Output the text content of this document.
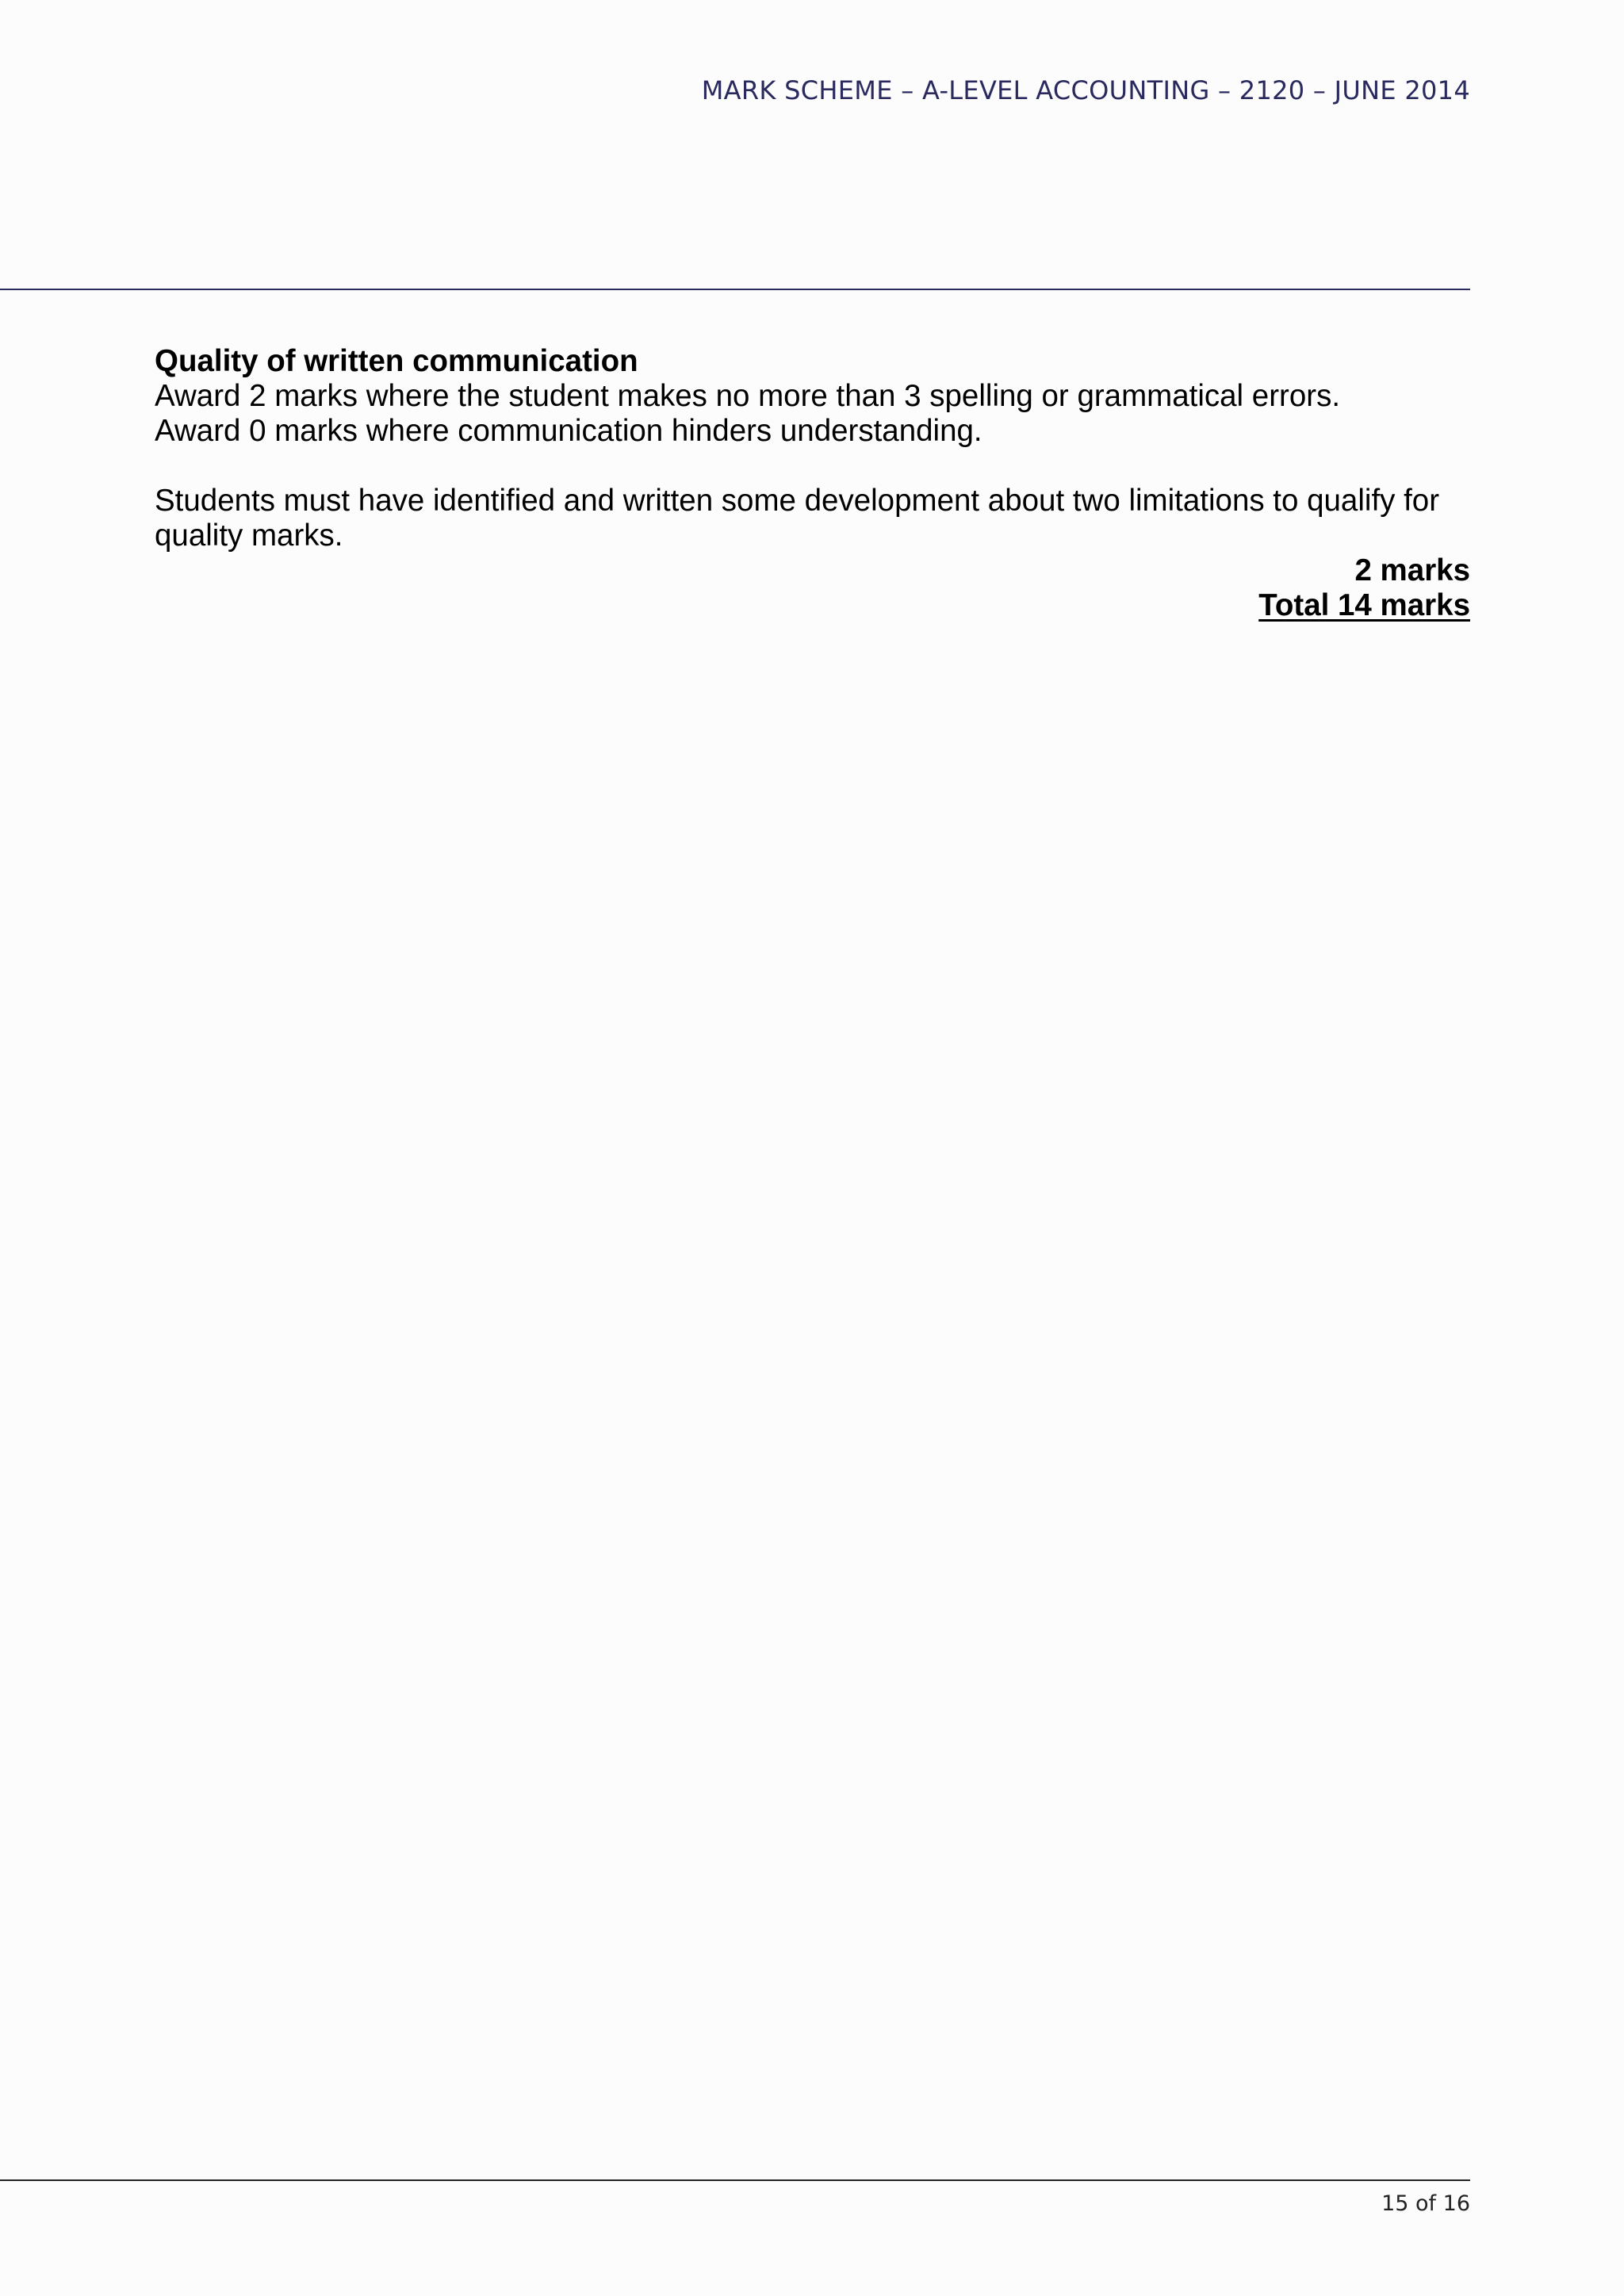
MARK SCHEME – A-LEVEL ACCOUNTING – 2120 – JUNE 2014

Quality of written communication

Award 2 marks where the student makes no more than 3 spelling or grammatical errors.

Award 0 marks where communication hinders understanding.

Students must have identified and written some development about two limitations to qualify for

quality marks.

2 marks

Total 14 marks

15 of 16
